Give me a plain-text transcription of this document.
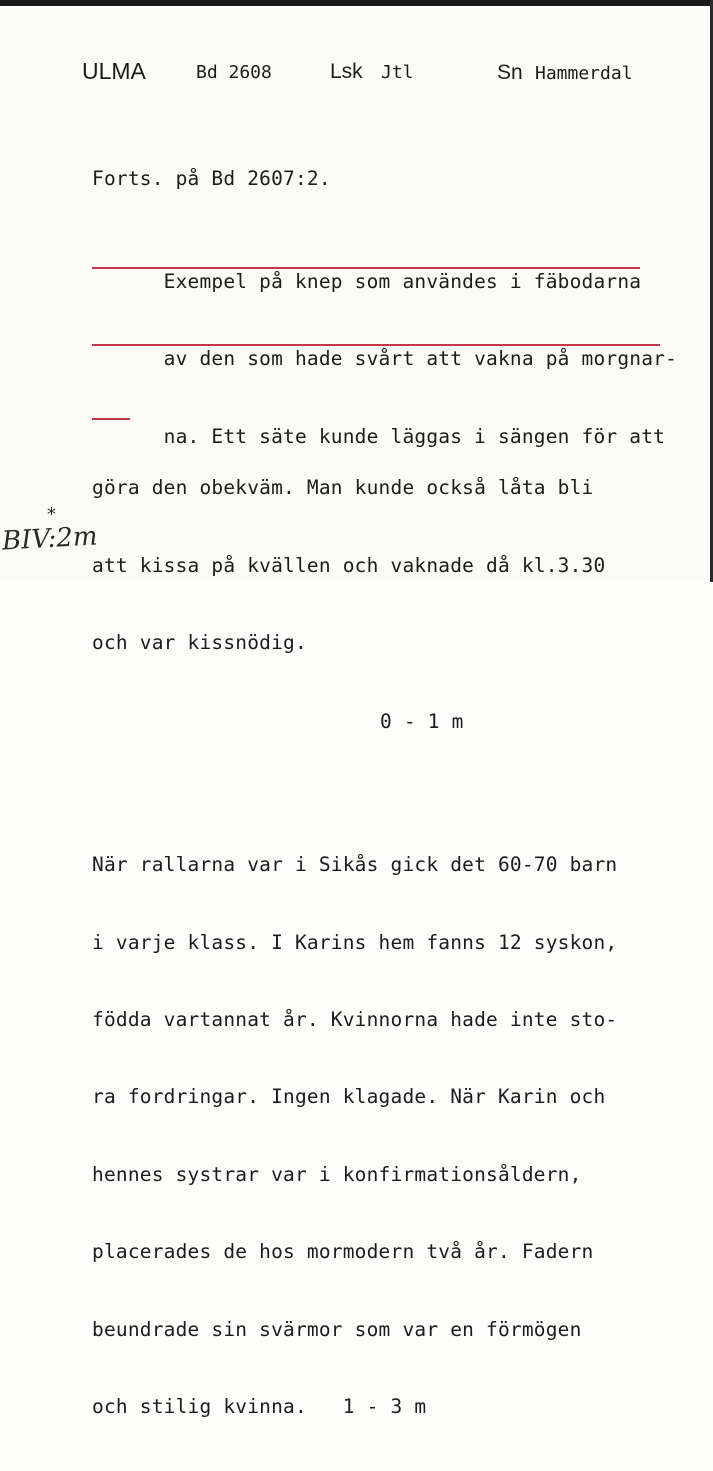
ULMA	Bd 2608	Lsk Jtl	Sn Hammerdal

Forts. på Bd 2607:2.

Exempel på knep som användes i fäbodarna

av den som hade svårt att vakna på morgnar-

na. Ett säte kunde läggas i sängen för att

göra den obekväm. Man kunde också låta bli

att kissa på kvällen och vaknade då kl.3.30

och var kissnödig.

0 - 1 m

När rallarna var i Sikås gick det 60-70 barn

i varje klass. I Karins hem fanns 12 syskon,

födda vartannat år. Kvinnorna hade inte sto-

ra fordringar. Ingen klagade. När Karin och

hennes systrar var i konfirmationsåldern,

placerades de hos mormodern två år. Fadern

beundrade sin svärmor som var en förmögen

och stilig kvinna.   1 - 3 m

*
BIV:2m
